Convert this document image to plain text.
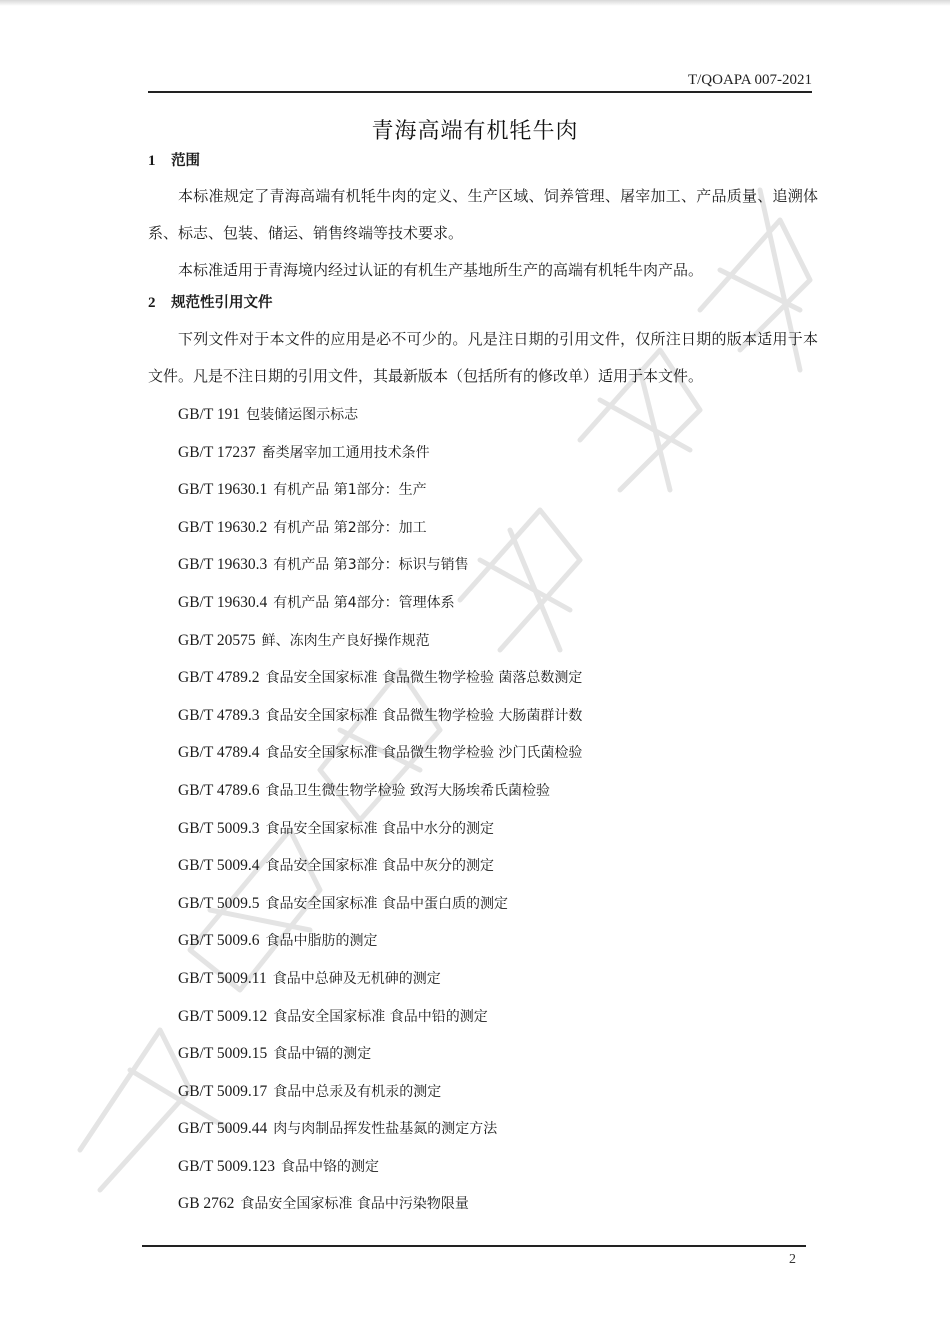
T/QOAPA 007-2021
青海高端有机牦牛肉
1 范围

本标准规定了青海高端有机牦牛肉的定义、生产区域、饲养管理、屠宰加工、产品质量、追溯体系、标志、包装、储运、销售终端等技术要求。

本标准适用于青海境内经过认证的有机生产基地所生产的高端有机牦牛肉产品。

2 规范性引用文件

下列文件对于本文件的应用是必不可少的。凡是注日期的引用文件，仅所注日期的版本适用于本文件。凡是不注日期的引用文件，其最新版本（包括所有的修改单）适用于本文件。

GB/T 191 包装储运图示标志
GB/T 17237 畜类屠宰加工通用技术条件
GB/T 19630.1 有机产品 第1部分：生产
GB/T 19630.2 有机产品 第2部分：加工
GB/T 19630.3 有机产品 第3部分：标识与销售
GB/T 19630.4 有机产品 第4部分：管理体系
GB/T 20575 鲜、冻肉生产良好操作规范
GB/T 4789.2 食品安全国家标准 食品微生物学检验 菌落总数测定
GB/T 4789.3 食品安全国家标准 食品微生物学检验 大肠菌群计数
GB/T 4789.4 食品安全国家标准 食品微生物学检验 沙门氏菌检验
GB/T 4789.6 食品卫生微生物学检验 致泻大肠埃希氏菌检验
GB/T 5009.3 食品安全国家标准 食品中水分的测定
GB/T 5009.4 食品安全国家标准 食品中灰分的测定
GB/T 5009.5 食品安全国家标准 食品中蛋白质的测定
GB/T 5009.6 食品中脂肪的测定
GB/T 5009.11 食品中总砷及无机砷的测定
GB/T 5009.12 食品安全国家标准 食品中铅的测定
GB/T 5009.15 食品中镉的测定
GB/T 5009.17 食品中总汞及有机汞的测定
GB/T 5009.44 肉与肉制品挥发性盐基氮的测定方法
GB/T 5009.123 食品中铬的测定
GB 2762 食品安全国家标准 食品中污染物限量
2
